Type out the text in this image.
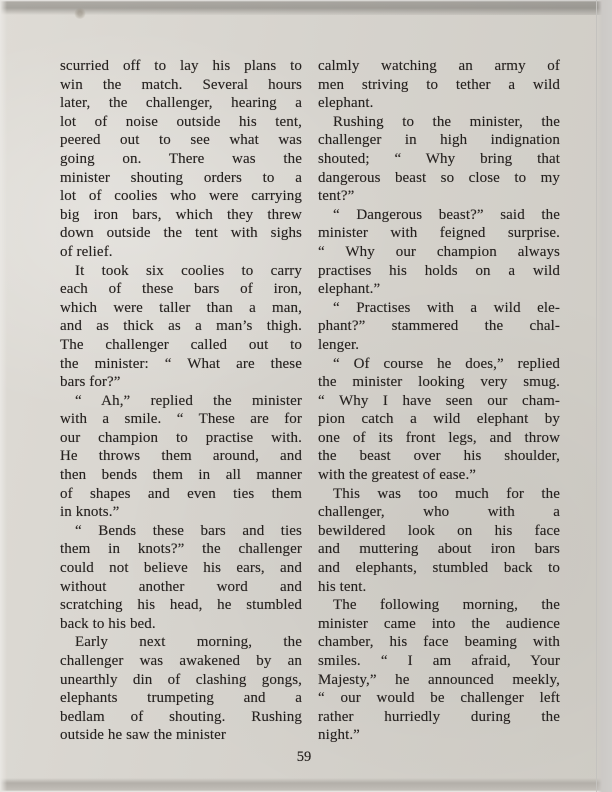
scurried off to lay his plans to
win the match. Several hours
later, the challenger, hearing a
lot of noise outside his tent,
peered out to see what was
going on. There was the
minister shouting orders to a
lot of coolies who were carrying
big iron bars, which they threw
down outside the tent with sighs
of relief.
It took six coolies to carry
each of these bars of iron,
which were taller than a man,
and as thick as a man’s thigh.
The challenger called out to
the minister: “ What are these
bars for?”
“ Ah,” replied the minister
with a smile. “ These are for
our champion to practise with.
He throws them around, and
then bends them in all manner
of shapes and even ties them
in knots.”
“ Bends these bars and ties
them in knots?” the challenger
could not believe his ears, and
without another word and
scratching his head, he stumbled
back to his bed.
Early next morning, the
challenger was awakened by an
unearthly din of clashing gongs,
elephants trumpeting and a
bedlam of shouting. Rushing
outside he saw the minister
calmly watching an army of
men striving to tether a wild
elephant.
Rushing to the minister, the
challenger in high indignation
shouted; “ Why bring that
dangerous beast so close to my
tent?”
“ Dangerous beast?” said the
minister with feigned surprise.
“ Why our champion always
practises his holds on a wild
elephant.”
“ Practises with a wild ele-
phant?” stammered the chal-
lenger.
“ Of course he does,” replied
the minister looking very smug.
“ Why I have seen our cham-
pion catch a wild elephant by
one of its front legs, and throw
the beast over his shoulder,
with the greatest of ease.”
This was too much for the
challenger, who with a
bewildered look on his face
and muttering about iron bars
and elephants, stumbled back to
his tent.
The following morning, the
minister came into the audience
chamber, his face beaming with
smiles. “ I am afraid, Your
Majesty,” he announced meekly,
“ our would be challenger left
rather hurriedly during the
night.”
59
